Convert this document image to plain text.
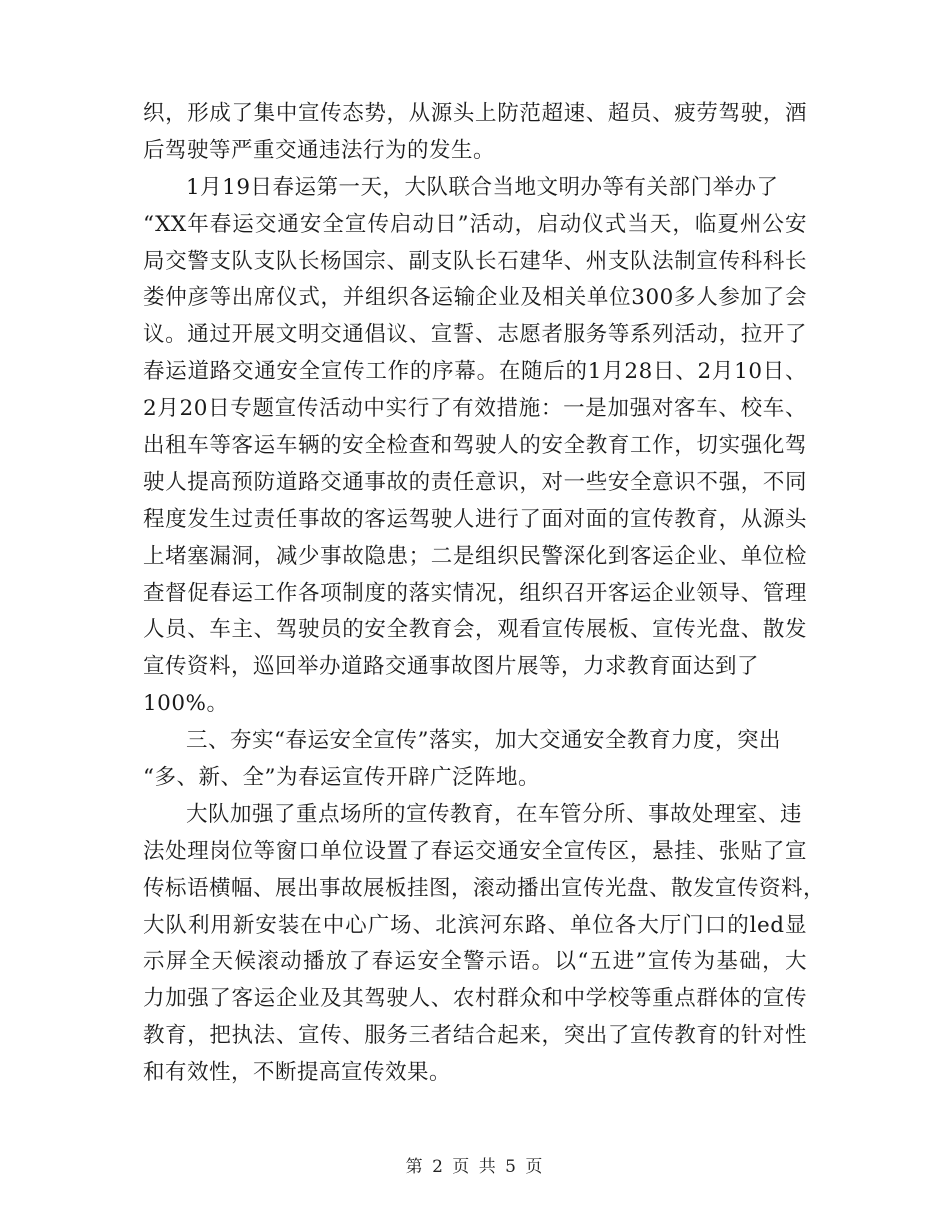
织，形成了集中宣传态势，从源头上防范超速、超员、疲劳驾驶，酒
后驾驶等严重交通违法行为的发生。
1月19日春运第一天，大队联合当地文明办等有关部门举办了
“XX年春运交通安全宣传启动日”活动，启动仪式当天，临夏州公安
局交警支队支队长杨国宗、副支队长石建华、州支队法制宣传科科长
娄仲彦等出席仪式，并组织各运输企业及相关单位300多人参加了会
议。通过开展文明交通倡议、宣誓、志愿者服务等系列活动，拉开了
春运道路交通安全宣传工作的序幕。在随后的1月28日、2月10日、
2月20日专题宣传活动中实行了有效措施：一是加强对客车、校车、
出租车等客运车辆的安全检查和驾驶人的安全教育工作，切实强化驾
驶人提高预防道路交通事故的责任意识，对一些安全意识不强，不同
程度发生过责任事故的客运驾驶人进行了面对面的宣传教育，从源头
上堵塞漏洞，减少事故隐患；二是组织民警深化到客运企业、单位检
查督促春运工作各项制度的落实情况，组织召开客运企业领导、管理
人员、车主、驾驶员的安全教育会，观看宣传展板、宣传光盘、散发
宣传资料，巡回举办道路交通事故图片展等，力求教育面达到了
100%。
三、夯实“春运安全宣传”落实，加大交通安全教育力度，突出
“多、新、全”为春运宣传开辟广泛阵地。
大队加强了重点场所的宣传教育，在车管分所、事故处理室、违
法处理岗位等窗口单位设置了春运交通安全宣传区，悬挂、张贴了宣
传标语横幅、展出事故展板挂图，滚动播出宣传光盘、散发宣传资料，
大队利用新安装在中心广场、北滨河东路、单位各大厅门口的led显
示屏全天候滚动播放了春运安全警示语。以“五进”宣传为基础，大
力加强了客运企业及其驾驶人、农村群众和中学校等重点群体的宣传
教育，把执法、宣传、服务三者结合起来，突出了宣传教育的针对性
和有效性，不断提高宣传效果。
第 2 页 共 5 页
